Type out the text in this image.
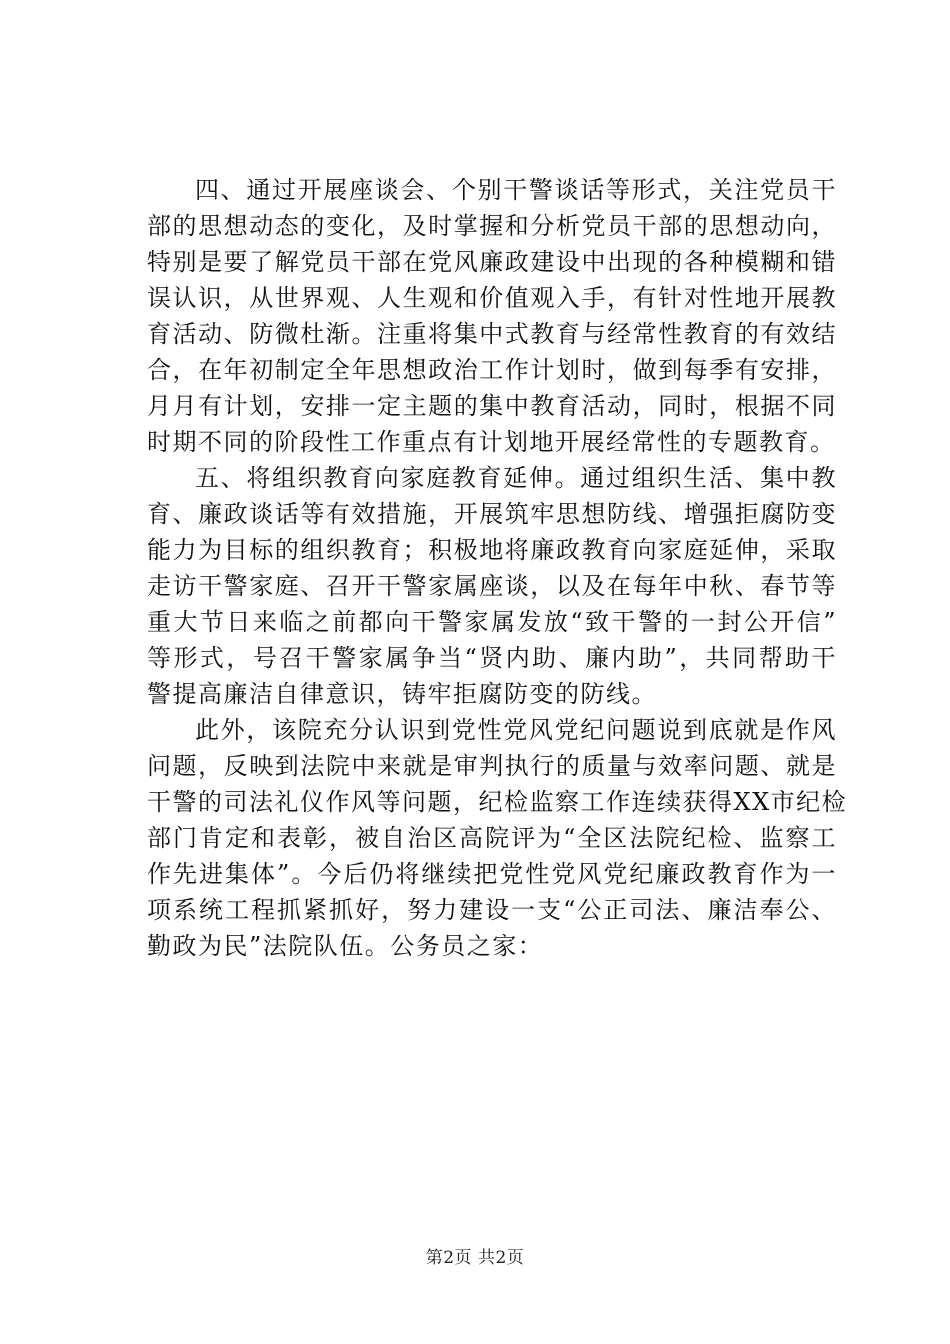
四、通过开展座谈会、个别干警谈话等形式，关注党员干
部的思想动态的变化，及时掌握和分析党员干部的思想动向，
特别是要了解党员干部在党风廉政建设中出现的各种模糊和错
误认识，从世界观、人生观和价值观入手，有针对性地开展教
育活动、防微杜渐。注重将集中式教育与经常性教育的有效结
合，在年初制定全年思想政治工作计划时，做到每季有安排，
月月有计划，安排一定主题的集中教育活动，同时，根据不同
时期不同的阶段性工作重点有计划地开展经常性的专题教育。

五、将组织教育向家庭教育延伸。通过组织生活、集中教
育、廉政谈话等有效措施，开展筑牢思想防线、增强拒腐防变
能力为目标的组织教育；积极地将廉政教育向家庭延伸，采取
走访干警家庭、召开干警家属座谈，以及在每年中秋、春节等
重大节日来临之前都向干警家属发放“致干警的一封公开信”
等形式，号召干警家属争当“贤内助、廉内助”，共同帮助干
警提高廉洁自律意识，铸牢拒腐防变的防线。

此外，该院充分认识到党性党风党纪问题说到底就是作风
问题，反映到法院中来就是审判执行的质量与效率问题、就是
干警的司法礼仪作风等问题，纪检监察工作连续获得XX市纪检
部门肯定和表彰，被自治区高院评为“全区法院纪检、监察工
作先进集体”。今后仍将继续把党性党风党纪廉政教育作为一
项系统工程抓紧抓好，努力建设一支“公正司法、廉洁奉公、
勤政为民”法院队伍。公务员之家：

第2页 共2页
